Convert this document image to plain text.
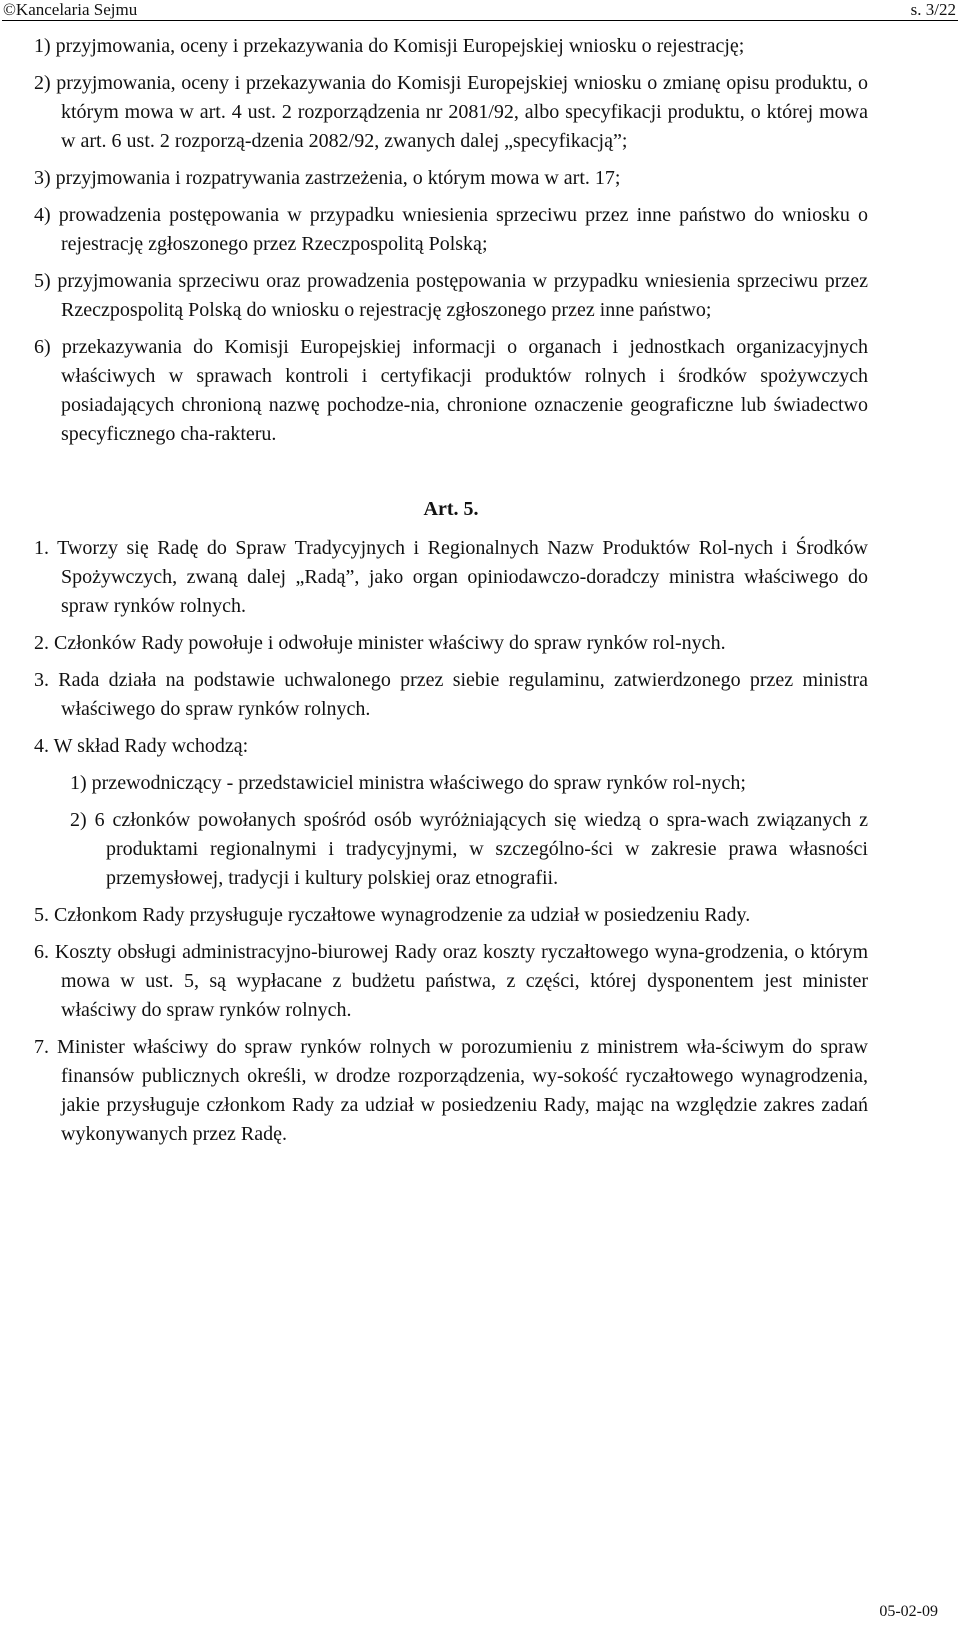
©Kancelaria Sejmu	s. 3/22

1) przyjmowania, oceny i przekazywania do Komisji Europejskiej wniosku o rejestrację;

2) przyjmowania, oceny i przekazywania do Komisji Europejskiej wniosku o zmianę opisu produktu, o którym mowa w art. 4 ust. 2 rozporządzenia nr 2081/92, albo specyfikacji produktu, o której mowa w art. 6 ust. 2 rozporzą-dzenia 2082/92, zwanych dalej „specyfikacją”;

3) przyjmowania i rozpatrywania zastrzeżenia, o którym mowa w art. 17;

4) prowadzenia postępowania w przypadku wniesienia sprzeciwu przez inne państwo do wniosku o rejestrację zgłoszonego przez Rzeczpospolitą Polską;

5) przyjmowania sprzeciwu oraz prowadzenia postępowania w przypadku wniesienia sprzeciwu przez Rzeczpospolitą Polską do wniosku o rejestrację zgłoszonego przez inne państwo;

6) przekazywania do Komisji Europejskiej informacji o organach i jednostkach organizacyjnych właściwych w sprawach kontroli i certyfikacji produktów rolnych i środków spożywczych posiadających chronioną nazwę pochodze-nia, chronione oznaczenie geograficzne lub świadectwo specyficznego cha-rakteru.

Art. 5.

1. Tworzy się Radę do Spraw Tradycyjnych i Regionalnych Nazw Produktów Rol-nych i Środków Spożywczych, zwaną dalej „Radą”, jako organ opiniodawczo-doradczy ministra właściwego do spraw rynków rolnych.

2. Członków Rady powołuje i odwołuje minister właściwy do spraw rynków rol-nych.

3. Rada działa na podstawie uchwalonego przez siebie regulaminu, zatwierdzonego przez ministra właściwego do spraw rynków rolnych.

4. W skład Rady wchodzą:

1) przewodniczący - przedstawiciel ministra właściwego do spraw rynków rol-nych;

2) 6 członków powołanych spośród osób wyróżniających się wiedzą o spra-wach związanych z produktami regionalnymi i tradycyjnymi, w szczególno-ści w zakresie prawa własności przemysłowej, tradycji i kultury polskiej oraz etnografii.

5. Członkom Rady przysługuje ryczałtowe wynagrodzenie za udział w posiedzeniu Rady.

6. Koszty obsługi administracyjno-biurowej Rady oraz koszty ryczałtowego wyna-grodzenia, o którym mowa w ust. 5, są wypłacane z budżetu państwa, z części, której dysponentem jest minister właściwy do spraw rynków rolnych.

7. Minister właściwy do spraw rynków rolnych w porozumieniu z ministrem wła-ściwym do spraw finansów publicznych określi, w drodze rozporządzenia, wy-sokość ryczałtowego wynagrodzenia, jakie przysługuje członkom Rady za udział w posiedzeniu Rady, mając na względzie zakres zadań wykonywanych przez Radę.

05-02-09
